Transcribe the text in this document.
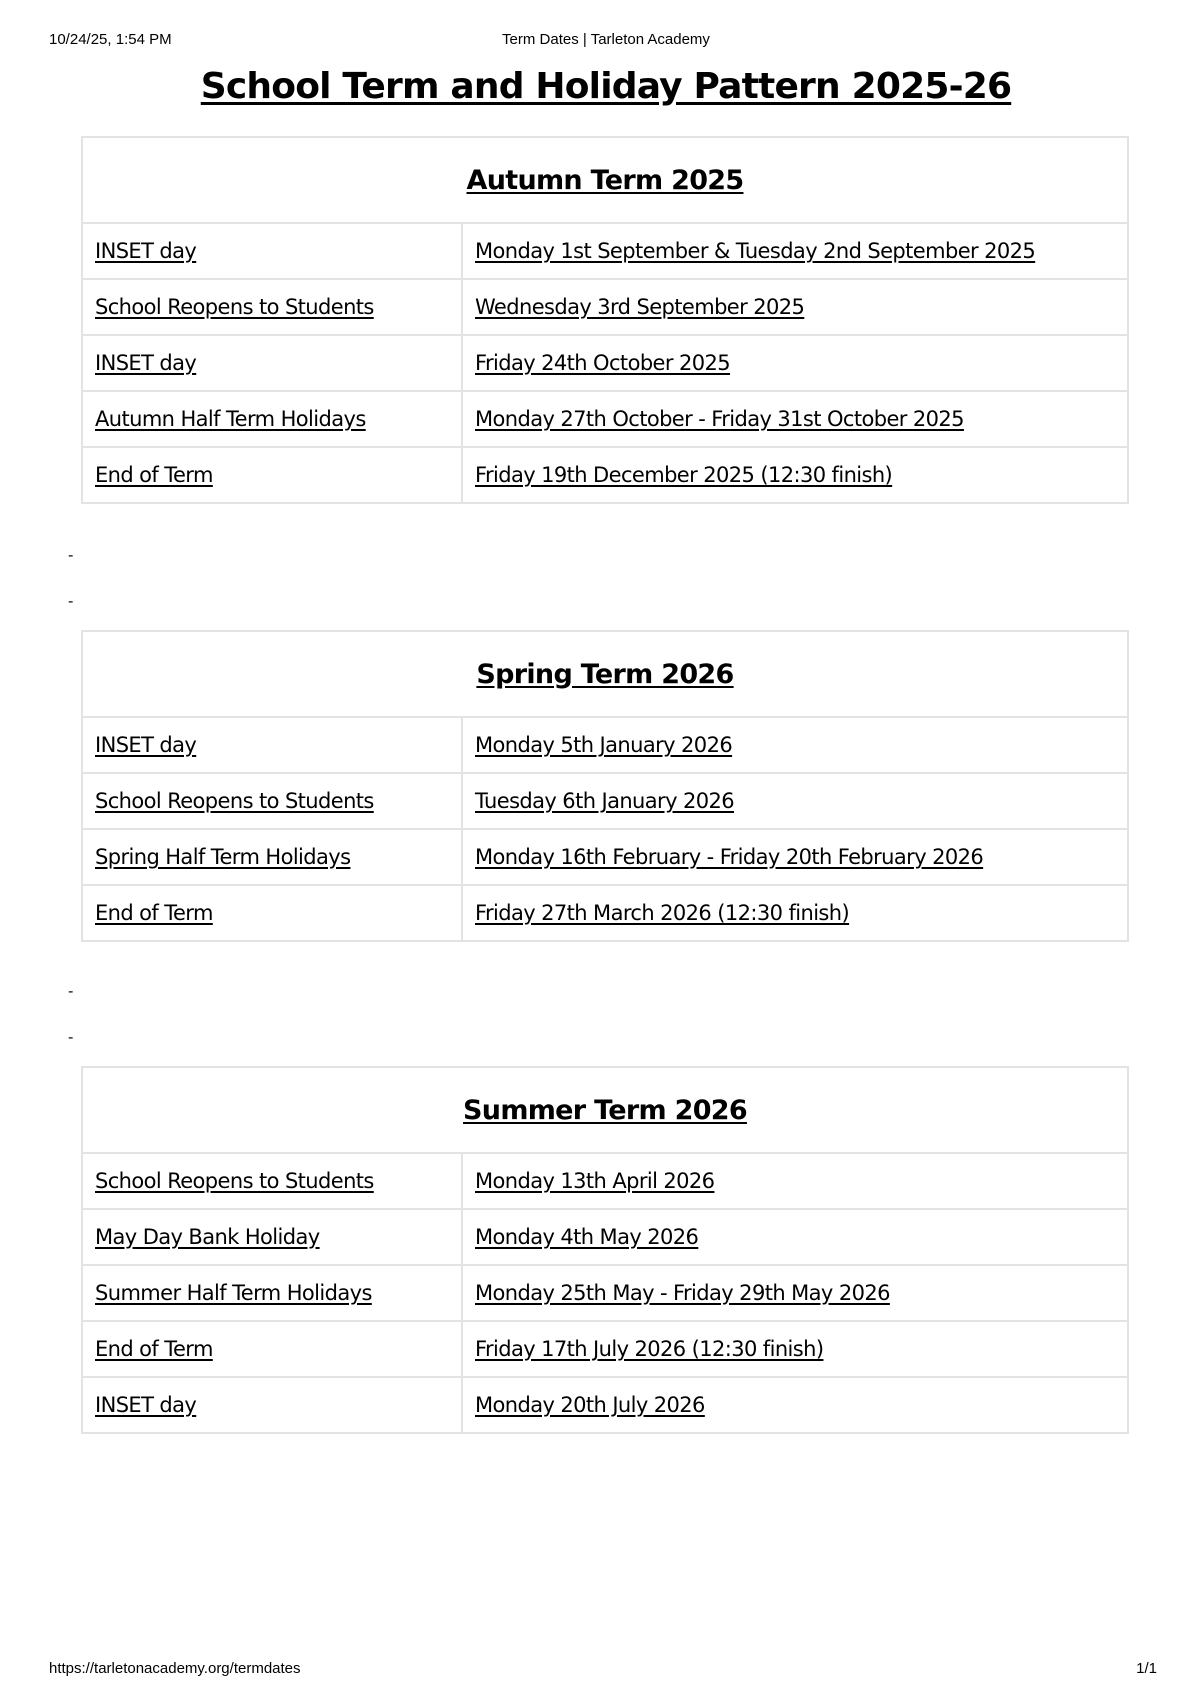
10/24/25, 1:54 PM	Term Dates | Tarleton Academy
School Term and Holiday Pattern 2025-26
Autumn Term 2025	
INSET day	Monday 1st September & Tuesday 2nd September 2025
School Reopens to Students	Wednesday 3rd September 2025
INSET day	Friday 24th October 2025
Autumn Half Term Holidays	Monday 27th October - Friday 31st October 2025
End of Term	Friday 19th December 2025 (12:30 finish)
-
-
Spring Term 2026	
INSET day	Monday 5th January 2026
School Reopens to Students	Tuesday 6th January 2026
Spring Half Term Holidays	Monday 16th February - Friday 20th February 2026
End of Term	Friday 27th March 2026 (12:30 finish)
-
-
Summer Term 2026	
School Reopens to Students	Monday 13th April 2026
May Day Bank Holiday	Monday 4th May 2026
Summer Half Term Holidays	Monday 25th May - Friday 29th May 2026
End of Term	Friday 17th July 2026 (12:30 finish)
INSET day	Monday 20th July 2026
https://tarletonacademy.org/termdates	1/1
